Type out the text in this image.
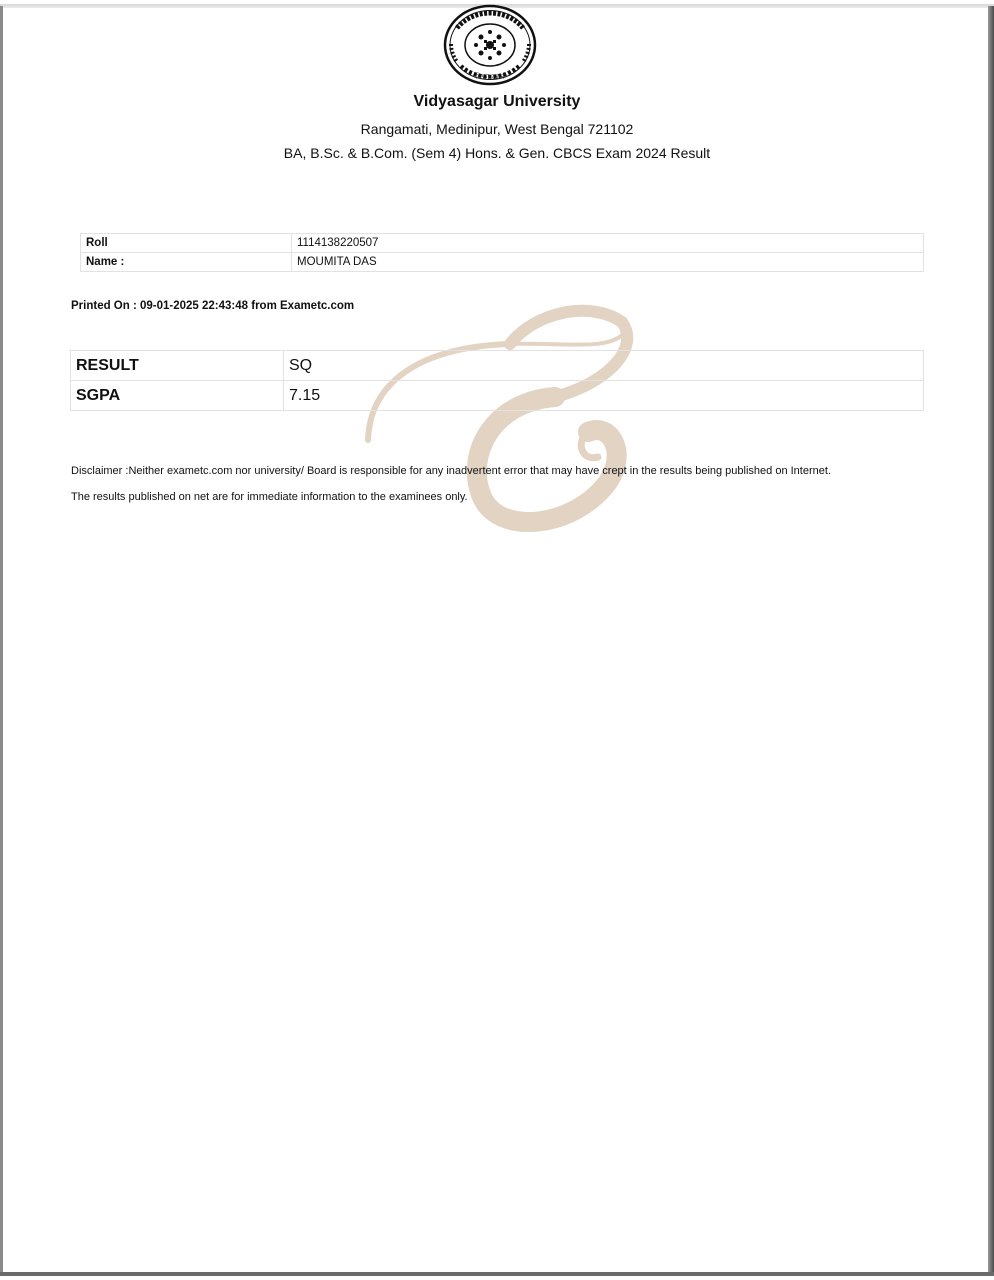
শিক্ষা জ্ঞান
Vidyasagar University
Rangamati, Medinipur, West Bengal 721102
BA, B.Sc. & B.Com. (Sem 4) Hons. & Gen. CBCS Exam 2024 Result
Roll	1114138220507
Name :	MOUMITA DAS
Printed On : 09-01-2025 22:43:48 from Exametc.com
RESULT	SQ
SGPA	7.15
Disclaimer :Neither exametc.com nor university/ Board is responsible for any inadvertent error that may have crept in the results being published on Internet.
The results published on net are for immediate information to the examinees only.
